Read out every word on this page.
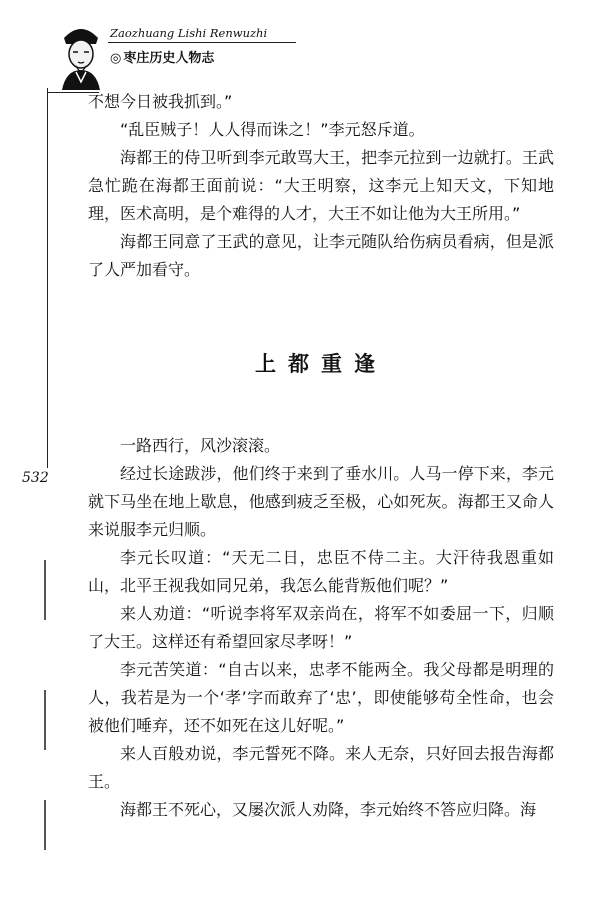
Zaozhuang Lishi Renwuzhi
◎ 枣庄历史人物志
532

不想今日被我抓到。”

“乱臣贼子！人人得而诛之！”李元怒斥道。

海都王的侍卫听到李元敢骂大王，把李元拉到一边就打。王武急忙跪在海都王面前说：“大王明察，这李元上知天文，下知地理，医术高明，是个难得的人才，大王不如让他为大王所用。”

海都王同意了王武的意见，让李元随队给伤病员看病，但是派了人严加看守。

上都重逢

一路西行，风沙滚滚。

经过长途跋涉，他们终于来到了垂水川。人马一停下来，李元就下马坐在地上歇息，他感到疲乏至极，心如死灰。海都王又命人来说服李元归顺。

李元长叹道：“天无二日，忠臣不侍二主。大汗待我恩重如山，北平王视我如同兄弟，我怎么能背叛他们呢？”

来人劝道：“听说李将军双亲尚在，将军不如委屈一下，归顺了大王。这样还有希望回家尽孝呀！”

李元苦笑道：“自古以来，忠孝不能两全。我父母都是明理的人，我若是为一个‘孝’字而敢弃了‘忠’，即使能够苟全性命，也会被他们唾弃，还不如死在这儿好呢。”

来人百般劝说，李元誓死不降。来人无奈，只好回去报告海都王。

海都王不死心，又屡次派人劝降，李元始终不答应归降。海
